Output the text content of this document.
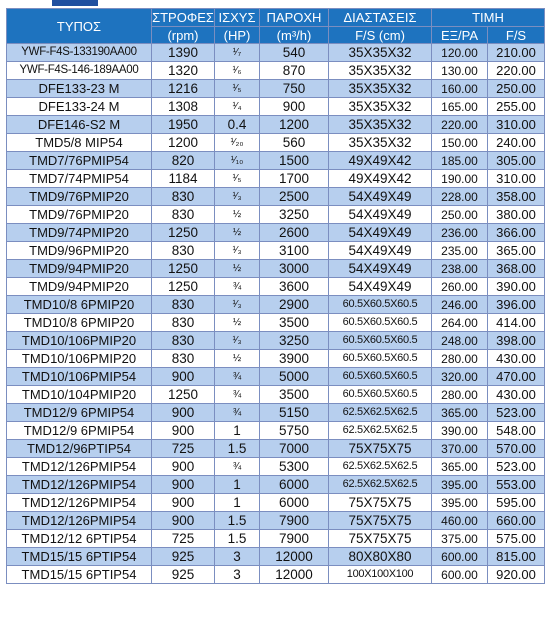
ΤΥΠΟΣ	ΣΤΡΟΦΕΣ	ΙΣΧΥΣ	ΠΑΡΟΧΗ	ΔΙΑΣΤΑΣΕΙΣ	ΤΙΜΗ	
	(rpm)	(HP)	(m³/h)	F/S (cm)	ΕΞ/ΡΑ	F/S
YWF-F4S-133190AA00	1390	¹⁄₇	540	35X35X32	120.00	210.00
YWF-F4S-146-189AA00	1320	¹⁄₆	870	35X35X32	130.00	220.00
DFE133-23 M	1216	¹⁄₅	750	35X35X32	160.00	250.00
DFE133-24 M	1308	¹⁄₄	900	35X35X32	165.00	255.00
DFE146-S2 M	1950	0.4	1200	35X35X32	220.00	310.00
TMD5/8 MIP54	1200	¹⁄₂₀	560	35X35X32	150.00	240.00
TMD7/76PMIP54	820	¹⁄₁₀	1500	49X49X42	185.00	305.00
TMD7/74PMIP54	1184	¹⁄₅	1700	49X49X42	190.00	310.00
TMD9/76PMIP20	830	¹⁄₃	2500	54X49X49	228.00	358.00
TMD9/76PMIP20	830	½	3250	54X49X49	250.00	380.00
TMD9/74PMIP20	1250	½	2600	54X49X49	236.00	366.00
TMD9/96PMIP20	830	¹⁄₃	3100	54X49X49	235.00	365.00
TMD9/94PMIP20	1250	½	3000	54X49X49	238.00	368.00
TMD9/94PMIP20	1250	¾	3600	54X49X49	260.00	390.00
TMD10/8 6PMIP20	830	¹⁄₃	2900	60.5X60.5X60.5	246.00	396.00
TMD10/8 6PMIP20	830	½	3500	60.5X60.5X60.5	264.00	414.00
TMD10/106PMIP20	830	¹⁄₃	3250	60.5X60.5X60.5	248.00	398.00
TMD10/106PMIP20	830	½	3900	60.5X60.5X60.5	280.00	430.00
TMD10/106PMIP54	900	¾	5000	60.5X60.5X60.5	320.00	470.00
TMD10/104PMIP20	1250	¾	3500	60.5X60.5X60.5	280.00	430.00
TMD12/9 6PMIP54	900	¾	5150	62.5X62.5X62.5	365.00	523.00
TMD12/9 6PMIP54	900	1	5750	62.5X62.5X62.5	390.00	548.00
TMD12/96PTIP54	725	1.5	7000	75X75X75	370.00	570.00
TMD12/126PMIP54	900	¾	5300	62.5X62.5X62.5	365.00	523.00
TMD12/126PMIP54	900	1	6000	62.5X62.5X62.5	395.00	553.00
TMD12/126PMIP54	900	1	6000	75X75X75	395.00	595.00
TMD12/126PMIP54	900	1.5	7900	75X75X75	460.00	660.00
TMD12/12 6PTIP54	725	1.5	7900	75X75X75	375.00	575.00
TMD15/15 6PTIP54	925	3	12000	80X80X80	600.00	815.00
TMD15/15 6PTIP54	925	3	12000	100X100X100	600.00	920.00
